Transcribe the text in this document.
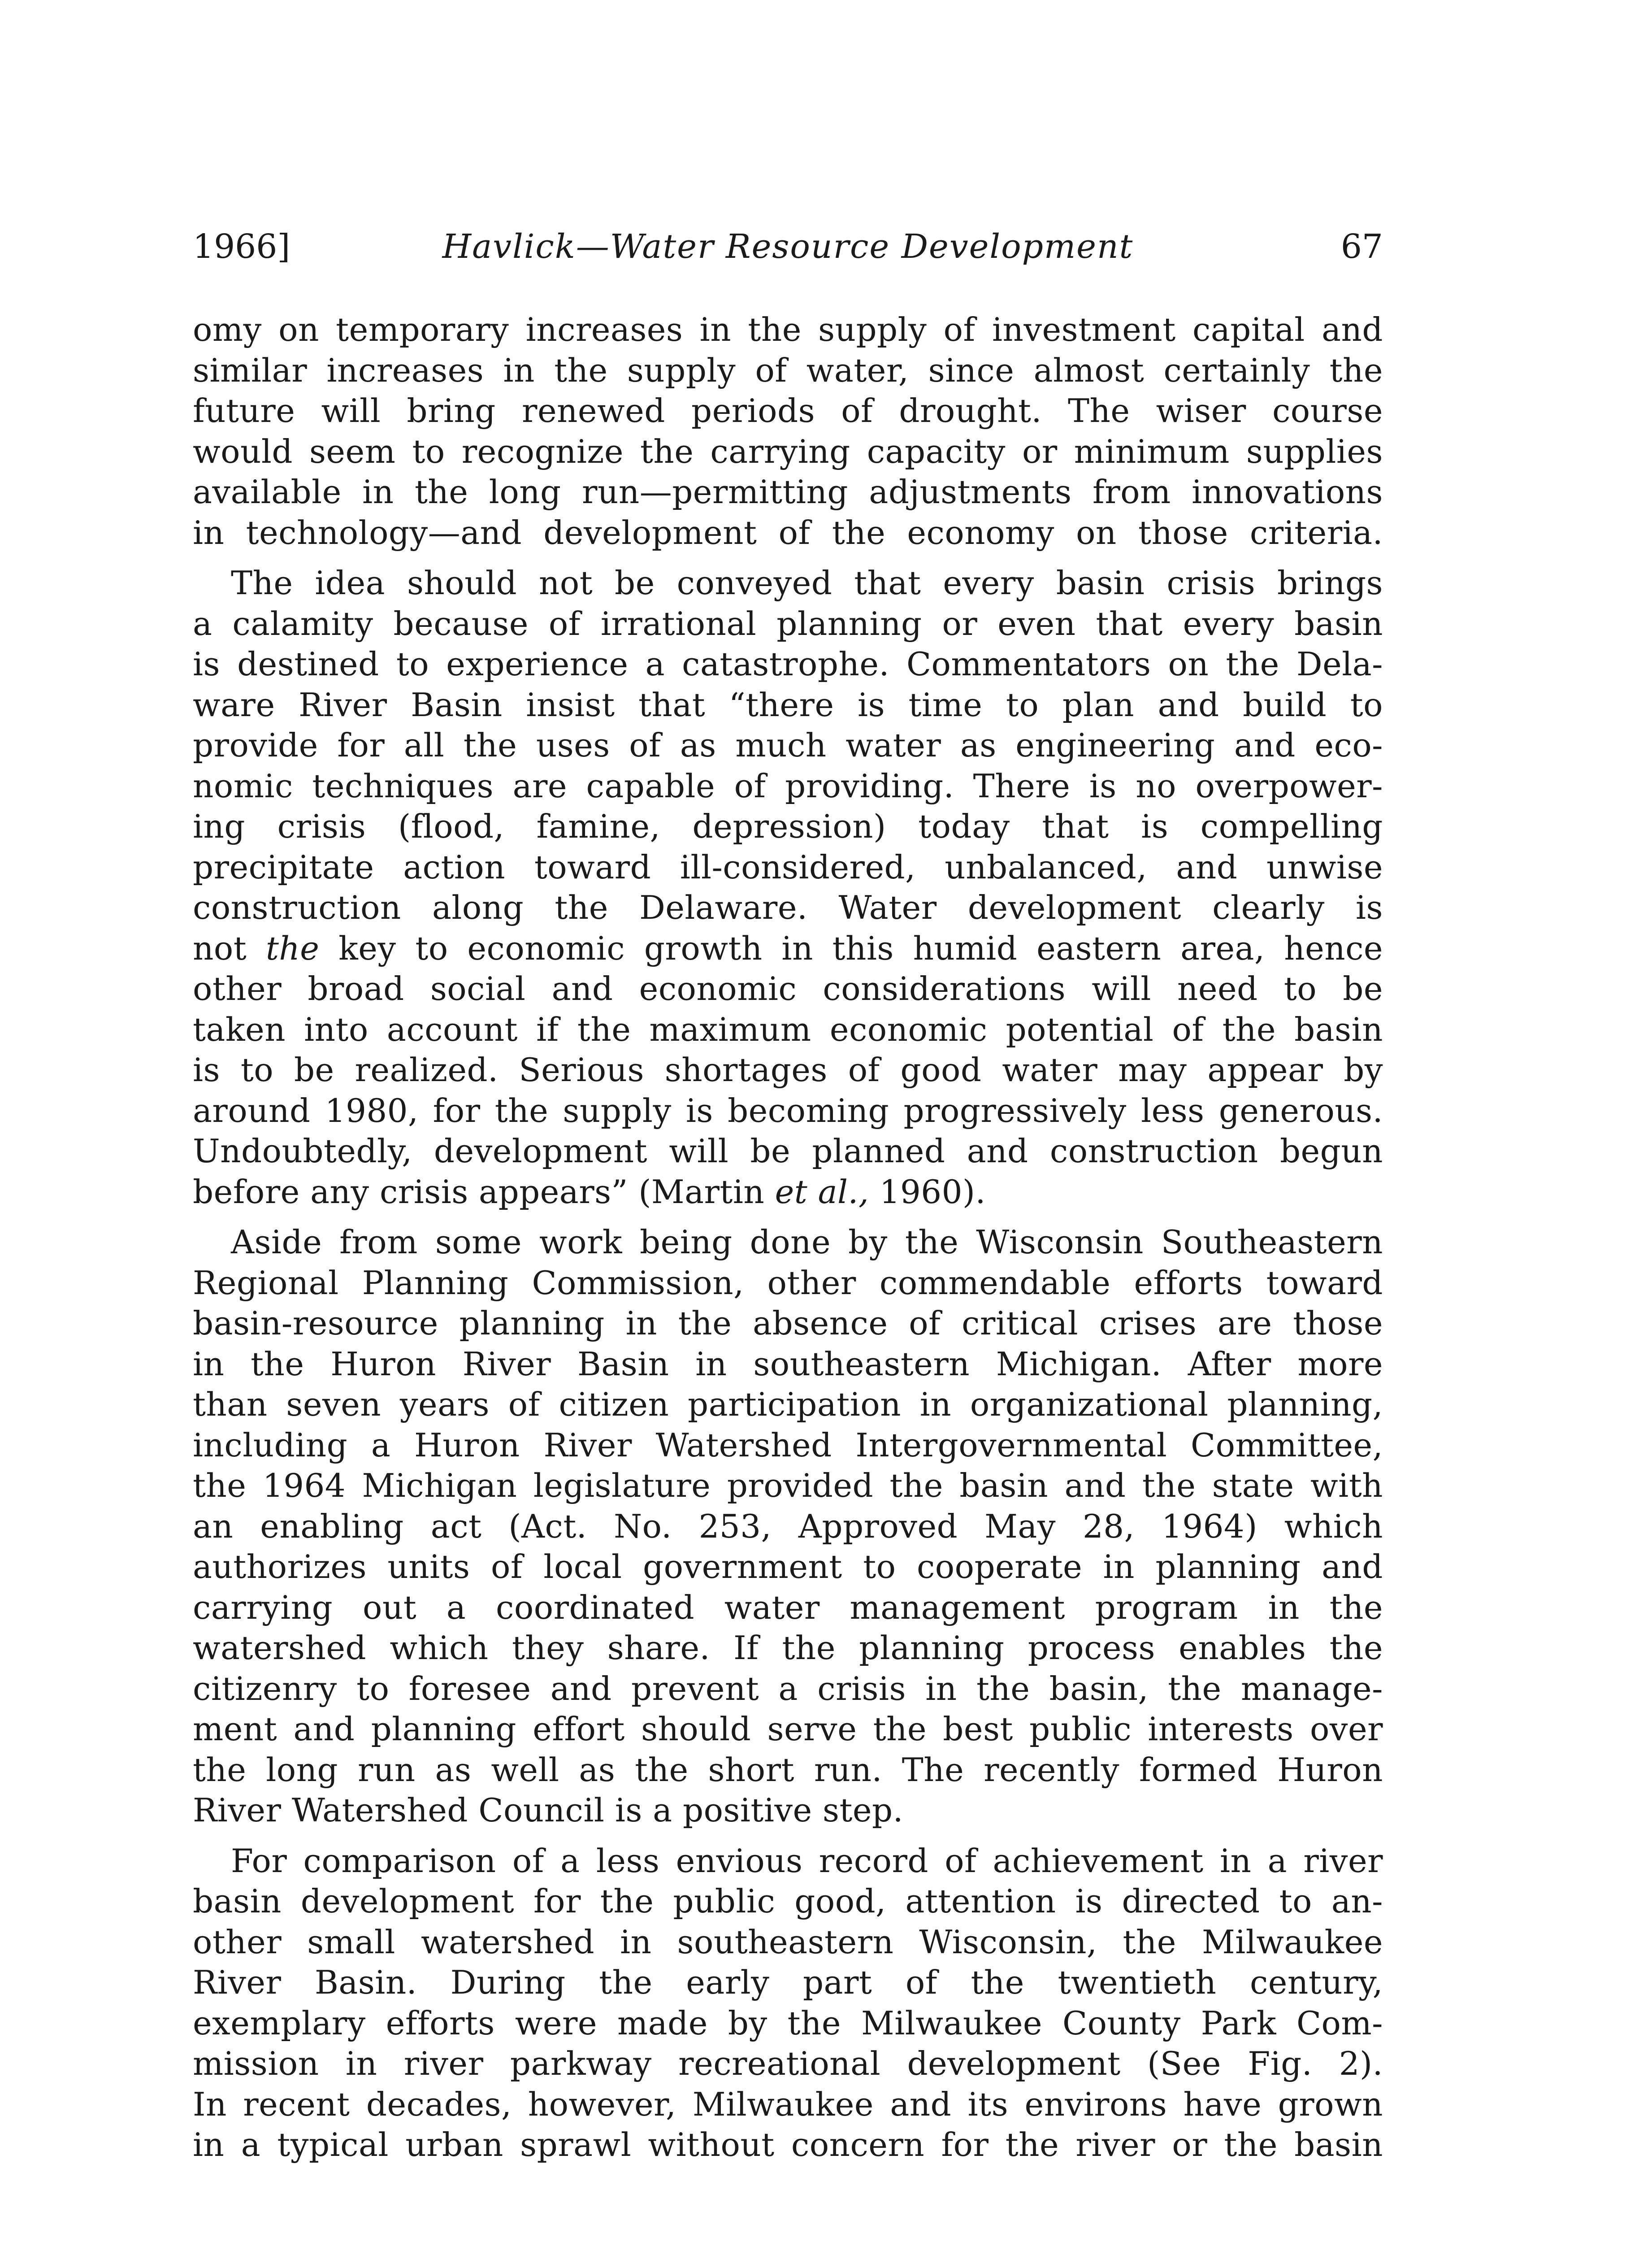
1966]	Havlick—Water Resource Development	67
omy on temporary increases in the supply of investment capital and
similar increases in the supply of water, since almost certainly the
future will bring renewed periods of drought. The wiser course
would seem to recognize the carrying capacity or minimum supplies
available in the long run—permitting adjustments from innovations
in technology—and development of the economy on those criteria.
The idea should not be conveyed that every basin crisis brings
a calamity because of irrational planning or even that every basin
is destined to experience a catastrophe. Commentators on the Dela-
ware River Basin insist that “there is time to plan and build to
provide for all the uses of as much water as engineering and eco-
nomic techniques are capable of providing. There is no overpower-
ing crisis (flood, famine, depression) today that is compelling
precipitate action toward ill-considered, unbalanced, and unwise
construction along the Delaware. Water development clearly is
not the key to economic growth in this humid eastern area, hence
other broad social and economic considerations will need to be
taken into account if the maximum economic potential of the basin
is to be realized. Serious shortages of good water may appear by
around 1980, for the supply is becoming progressively less generous.
Undoubtedly, development will be planned and construction begun
before any crisis appears” (Martin et al., 1960).
Aside from some work being done by the Wisconsin Southeastern
Regional Planning Commission, other commendable efforts toward
basin-resource planning in the absence of critical crises are those
in the Huron River Basin in southeastern Michigan. After more
than seven years of citizen participation in organizational planning,
including a Huron River Watershed Intergovernmental Committee,
the 1964 Michigan legislature provided the basin and the state with
an enabling act (Act. No. 253, Approved May 28, 1964) which
authorizes units of local government to cooperate in planning and
carrying out a coordinated water management program in the
watershed which they share. If the planning process enables the
citizenry to foresee and prevent a crisis in the basin, the manage-
ment and planning effort should serve the best public interests over
the long run as well as the short run. The recently formed Huron
River Watershed Council is a positive step.
For comparison of a less envious record of achievement in a river
basin development for the public good, attention is directed to an-
other small watershed in southeastern Wisconsin, the Milwaukee
River Basin. During the early part of the twentieth century,
exemplary efforts were made by the Milwaukee County Park Com-
mission in river parkway recreational development (See Fig. 2).
In recent decades, however, Milwaukee and its environs have grown
in a typical urban sprawl without concern for the river or the basin
